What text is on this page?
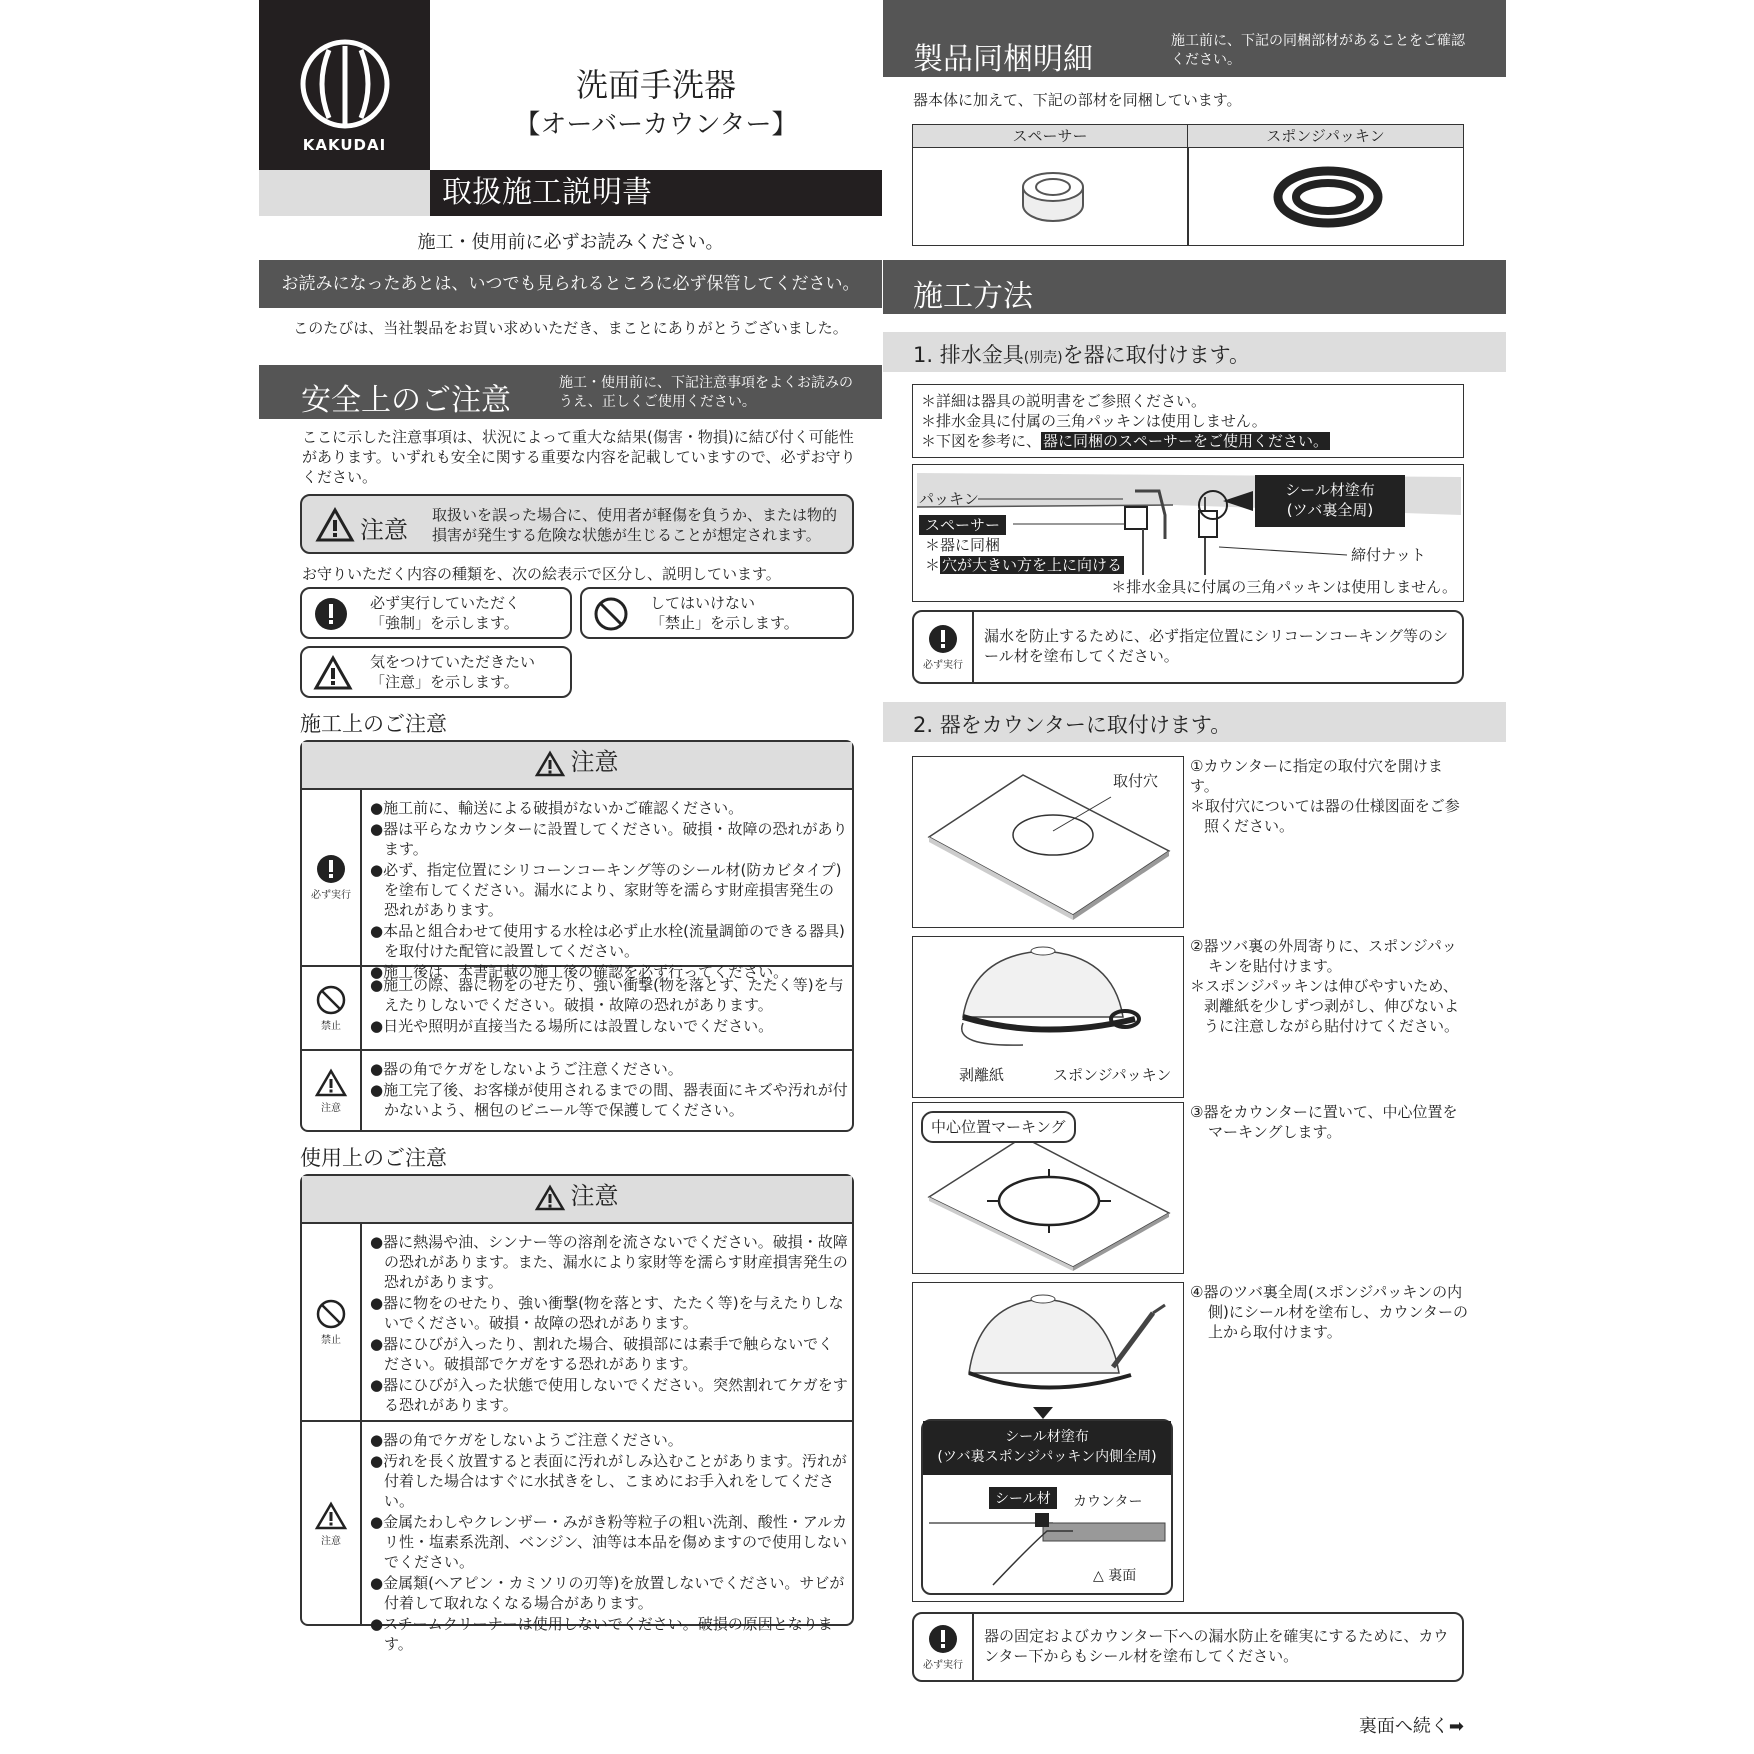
KAKUDAI
洗面手洗器
【オーバーカウンター】
取扱施工説明書
施工・使用前に必ずお読みください。
お読みになったあとは、いつでも見られるところに必ず保管してください。
このたびは、当社製品をお買い求めいただき、まことにありがとうございました。
安全上のご注意	施工・使用前に、下記注意事項をよくお読みのうえ、正しくご使用ください。
ここに示した注意事項は、状況によって重大な結果(傷害・物損)に結び付く可能性があります。いずれも安全に関する重要な内容を記載していますので、必ずお守りください。
注意
取扱いを誤った場合に、使用者が軽傷を負うか、または物的損害が発生する危険な状態が生じることが想定されます。
お守りいただく内容の種類を、次の絵表示で区分し、説明しています。
必ず実行していただく
「強制」を示します。
してはいけない
「禁止」を示します。
気をつけていただきたい
「注意」を示します。
施工上のご注意
注意
必ず実行
●施工前に、輸送による破損がないかご確認ください。
●器は平らなカウンターに設置してください。破損・故障の恐れがあります。
●必ず、指定位置にシリコーンコーキング等のシール材(防カビタイプ)を塗布してください。漏水により、家財等を濡らす財産損害発生の恐れがあります。
●本品と組合わせて使用する水栓は必ず止水栓(流量調節のできる器具)を取付けた配管に設置してください。
●施工後は、本書記載の施工後の確認を必ず行ってください。
禁止
●施工の際、器に物をのせたり、強い衝撃(物を落とす、たたく等)を与えたりしないでください。破損・故障の恐れがあります。
●日光や照明が直接当たる場所には設置しないでください。
注意
●器の角でケガをしないようご注意ください。
●施工完了後、お客様が使用されるまでの間、器表面にキズや汚れが付かないよう、梱包のビニール等で保護してください。
使用上のご注意
注意
禁止
●器に熱湯や油、シンナー等の溶剤を流さないでください。破損・故障の恐れがあります。また、漏水により家財等を濡らす財産損害発生の恐れがあります。
●器に物をのせたり、強い衝撃(物を落とす、たたく等)を与えたりしないでください。破損・故障の恐れがあります。
●器にひびが入ったり、割れた場合、破損部には素手で触らないでください。破損部でケガをする恐れがあります。
●器にひびが入った状態で使用しないでください。突然割れてケガをする恐れがあります。
注意
●器の角でケガをしないようご注意ください。
●汚れを長く放置すると表面に汚れがしみ込むことがあります。汚れが付着した場合はすぐに水拭きをし、こまめにお手入れをしてください。
●金属たわしやクレンザー・みがき粉等粒子の粗い洗剤、酸性・アルカリ性・塩素系洗剤、ベンジン、油等は本品を傷めますので使用しないでください。
●金属類(ヘアピン・カミソリの刃等)を放置しないでください。サビが付着して取れなくなる場合があります。
●スチームクリーナーは使用しないでください。破損の原因となります。
製品同梱明細
施工前に、下記の同梱部材があることをご確認ください。
器本体に加えて、下記の部材を同梱しています。
スペーサー	スポンジパッキン
施工方法
1. 排水金具(別売)を器に取付けます。
＊詳細は器具の説明書をご参照ください。
＊排水金具に付属の三角パッキンは使用しません。
＊下図を参考に、 器に同梱のスペーサーをご使用ください。
パッキン
スペーサー
＊器に同梱
＊ 穴が大きい方を上に向ける
シール材塗布
(ツバ裏全周)
締付ナット
＊排水金具に付属の三角パッキンは使用しません。
必ず実行
漏水を防止するために、必ず指定位置にシリコーンコーキング等のシール材を塗布してください。
2. 器をカウンターに取付けます。
取付穴
①カウンターに指定の取付穴を開けます。
＊取付穴については器の仕様図面をご参照ください。
剥離紙	スポンジパッキン
②器ツバ裏の外周寄りに、スポンジパッキンを貼付けます。
＊スポンジパッキンは伸びやすいため、剥離紙を少しずつ剥がし、伸びないように注意しながら貼付けてください。
中心位置マーキング
③器をカウンターに置いて、中心位置をマーキングします。
シール材塗布
(ツバ裏スポンジパッキン内側全周)
シール材	カウンター
△ 裏面
④器のツバ裏全周(スポンジパッキンの内側)にシール材を塗布し、カウンターの上から取付けます。
必ず実行
器の固定およびカウンター下への漏水防止を確実にするために、カウンター下からもシール材を塗布してください。
裏面へ続く➡
